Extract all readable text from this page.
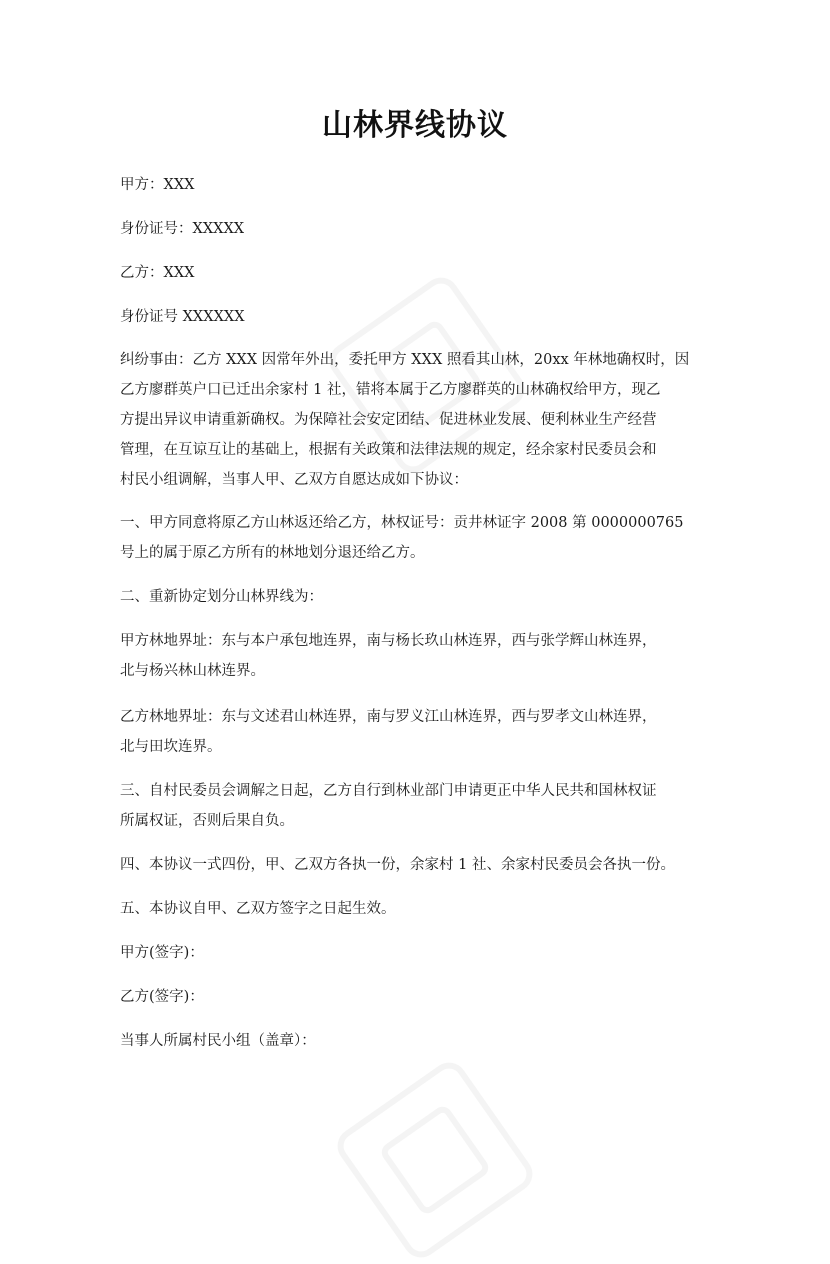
山林界线协议

甲方：XXX

身份证号：XXXXX

乙方：XXX

身份证号 XXXXXX

纠纷事由：乙方 XXX 因常年外出，委托甲方 XXX 照看其山林，20xx 年林地确权时，因

乙方廖群英户口已迁出余家村 1 社，错将本属于乙方廖群英的山林确权给甲方，现乙

方提出异议申请重新确权。为保障社会安定团结、促进林业发展、便利林业生产经营

管理，在互谅互让的基础上，根据有关政策和法律法规的规定，经余家村民委员会和

村民小组调解，当事人甲、乙双方自愿达成如下协议：

一、甲方同意将原乙方山林返还给乙方，林权证号：贡井林证字 2008 第 0000000765

号上的属于原乙方所有的林地划分退还给乙方。

二、重新协定划分山林界线为：

甲方林地界址：东与本户承包地连界，南与杨长玖山林连界，西与张学辉山林连界，

北与杨兴林山林连界。

乙方林地界址：东与文述君山林连界，南与罗义江山林连界，西与罗孝文山林连界，

北与田坎连界。

三、自村民委员会调解之日起，乙方自行到林业部门申请更正中华人民共和国林权证

所属权证，否则后果自负。

四、本协议一式四份，甲、乙双方各执一份，余家村 1 社、余家村民委员会各执一份。

五、本协议自甲、乙双方签字之日起生效。

甲方(签字)：

乙方(签字)：

当事人所属村民小组（盖章）：
